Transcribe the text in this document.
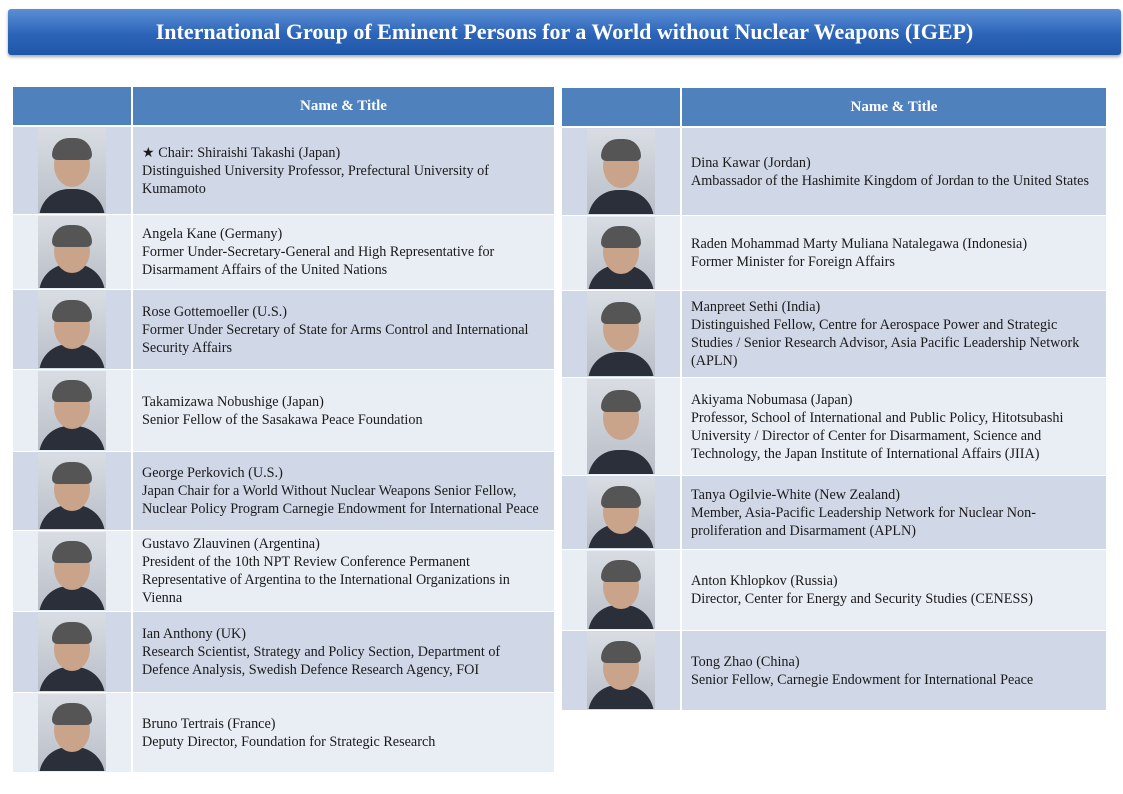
International Group of Eminent Persons for a World without Nuclear Weapons (IGEP)
Name & Title
★ Chair: Shiraishi Takashi (Japan)
Distinguished University Professor, Prefectural University of Kumamoto
Angela Kane (Germany)
Former Under-Secretary-General and High Representative for Disarmament Affairs of the United Nations
Rose Gottemoeller (U.S.)
Former Under Secretary of State for Arms Control and International Security Affairs
Takamizawa Nobushige (Japan)
Senior Fellow of the Sasakawa Peace Foundation
George Perkovich (U.S.)
Japan Chair for a World Without Nuclear Weapons Senior Fellow, Nuclear Policy Program Carnegie Endowment for International Peace
Gustavo Zlauvinen (Argentina)
President of the 10th NPT Review Conference Permanent Representative of Argentina to the International Organizations in Vienna
Ian Anthony (UK)
Research Scientist, Strategy and Policy Section, Department of Defence Analysis, Swedish Defence Research Agency, FOI
Bruno Tertrais (France)
Deputy Director, Foundation for Strategic Research
Name & Title
Dina Kawar (Jordan)
Ambassador of the Hashimite Kingdom of Jordan to the United States
Raden Mohammad Marty Muliana Natalegawa (Indonesia)
Former Minister for Foreign Affairs
Manpreet Sethi (India)
Distinguished Fellow, Centre for Aerospace Power and Strategic Studies / Senior Research Advisor, Asia Pacific Leadership Network (APLN)
Akiyama Nobumasa (Japan)
Professor, School of International and Public Policy, Hitotsubashi University / Director of Center for Disarmament, Science and Technology, the Japan Institute of International Affairs (JIIA)
Tanya Ogilvie-White (New Zealand)
Member, Asia-Pacific Leadership Network for Nuclear Non-proliferation and Disarmament (APLN)
Anton Khlopkov (Russia)
Director, Center for Energy and Security Studies (CENESS)
Tong Zhao (China)
Senior Fellow, Carnegie Endowment for International Peace
